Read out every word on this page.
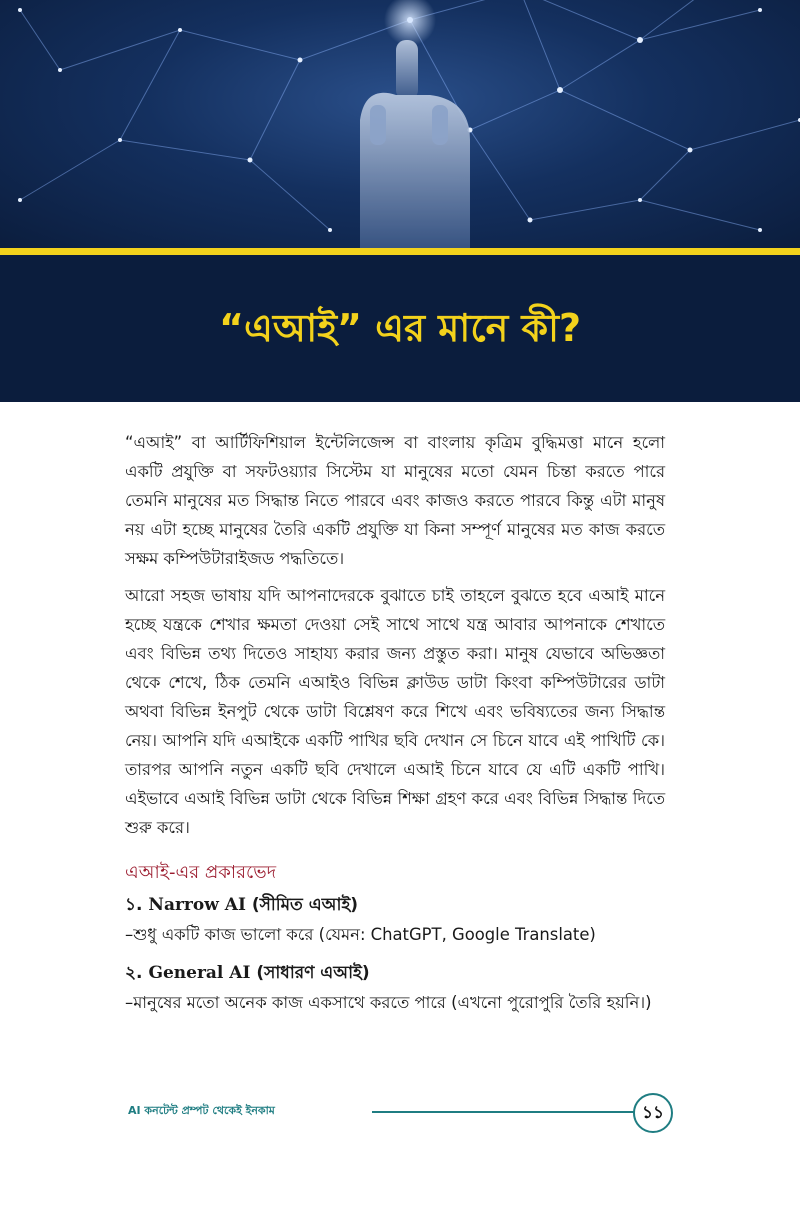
“এআই” এর মানে কী?

“এআই” বা আর্টিফিশিয়াল ইন্টেলিজেন্স বা বাংলায় কৃত্রিম বুদ্ধিমত্তা মানে হলো একটি প্রযুক্তি বা সফটওয়্যার সিস্টেম যা মানুষের মতো যেমন চিন্তা করতে পারে তেমনি মানুষের মত সিদ্ধান্ত নিতে পারবে এবং কাজও করতে পারবে কিন্তু এটা মানুষ নয় এটা হচ্ছে মানুষের তৈরি একটি প্রযুক্তি যা কিনা সম্পূর্ণ মানুষের মত কাজ করতে সক্ষম কম্পিউটারাইজড পদ্ধতিতে।

আরো সহজ ভাষায় যদি আপনাদেরকে বুঝাতে চাই তাহলে বুঝতে হবে এআই মানে হচ্ছে যন্ত্রকে শেখার ক্ষমতা দেওয়া সেই সাথে সাথে যন্ত্র আবার আপনাকে শেখাতে এবং বিভিন্ন তথ্য দিতেও সাহায্য করার জন্য প্রস্তুত করা। মানুষ যেভাবে অভিজ্ঞতা থেকে শেখে, ঠিক তেমনি এআইও বিভিন্ন ক্লাউড ডাটা কিংবা কম্পিউটারের ডাটা অথবা বিভিন্ন ইনপুট থেকে ডাটা বিশ্লেষণ করে শিখে এবং ভবিষ্যতের জন্য সিদ্ধান্ত নেয়। আপনি যদি এআইকে একটি পাখির ছবি দেখান সে চিনে যাবে এই পাখিটি কে। তারপর আপনি নতুন একটি ছবি দেখালে এআই চিনে যাবে যে এটি একটি পাখি। এইভাবে এআই বিভিন্ন ডাটা থেকে বিভিন্ন শিক্ষা গ্রহণ করে এবং বিভিন্ন সিদ্ধান্ত দিতে শুরু করে।

এআই-এর প্রকারভেদ
১. Narrow AI (সীমিত এআই)

–শুধু একটি কাজ ভালো করে (যেমন: ChatGPT, Google Translate)

২. General AI (সাধারণ এআই)

–মানুষের মতো অনেক কাজ একসাথে করতে পারে (এখনো পুরোপুরি তৈরি হয়নি।)

AI কনটেন্ট প্রম্পট থেকেই ইনকাম	১১
